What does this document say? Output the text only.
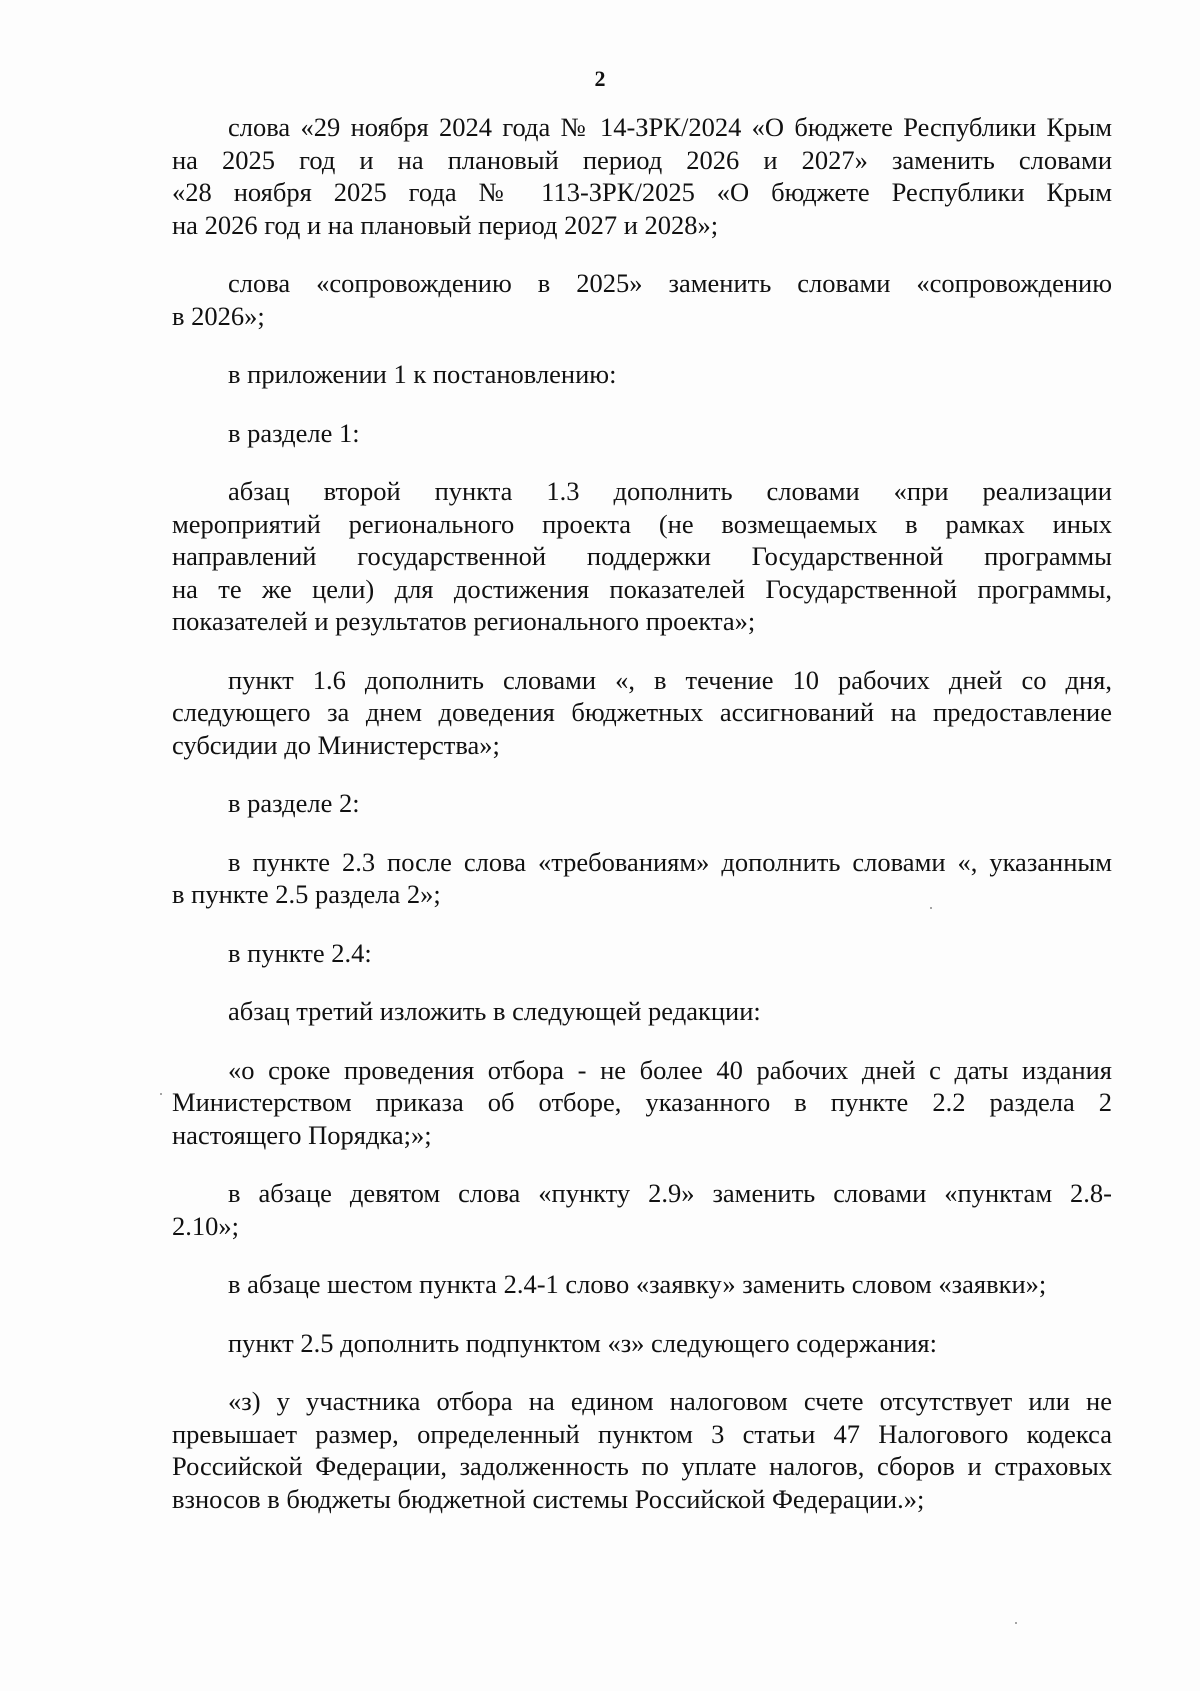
2
слова «29 ноября 2024 года № 14-ЗРК/2024 «О бюджете Республики Крым
на 2025 год и на плановый период 2026 и 2027» заменить словами
«28 ноября 2025 года № 113-ЗРК/2025 «О бюджете Республики Крым
на 2026 год и на плановый период 2027 и 2028»;
слова «сопровождению в 2025» заменить словами «сопровождению
в 2026»;
в приложении 1 к постановлению:
в разделе 1:
абзац второй пункта 1.3 дополнить словами «при реализации
мероприятий регионального проекта (не возмещаемых в рамках иных
направлений государственной поддержки Государственной программы
на те же цели) для достижения показателей Государственной программы,
показателей и результатов регионального проекта»;
пункт 1.6 дополнить словами «, в течение 10 рабочих дней со дня,
следующего за днем доведения бюджетных ассигнований на предоставление
субсидии до Министерства»;
в разделе 2:
в пункте 2.3 после слова «требованиям» дополнить словами «, указанным
в пункте 2.5 раздела 2»;
в пункте 2.4:
абзац третий изложить в следующей редакции:
«о сроке проведения отбора - не более 40 рабочих дней с даты издания
Министерством приказа об отборе, указанного в пункте 2.2 раздела 2
настоящего Порядка;»;
в абзаце девятом слова «пункту 2.9» заменить словами «пунктам 2.8-
2.10»;
в абзаце шестом пункта 2.4-1 слово «заявку» заменить словом «заявки»;
пункт 2.5 дополнить подпунктом «з» следующего содержания:
«з) у участника отбора на едином налоговом счете отсутствует или не
превышает размер, определенный пунктом 3 статьи 47 Налогового кодекса
Российской Федерации, задолженность по уплате налогов, сборов и страховых
взносов в бюджеты бюджетной системы Российской Федерации.»;
